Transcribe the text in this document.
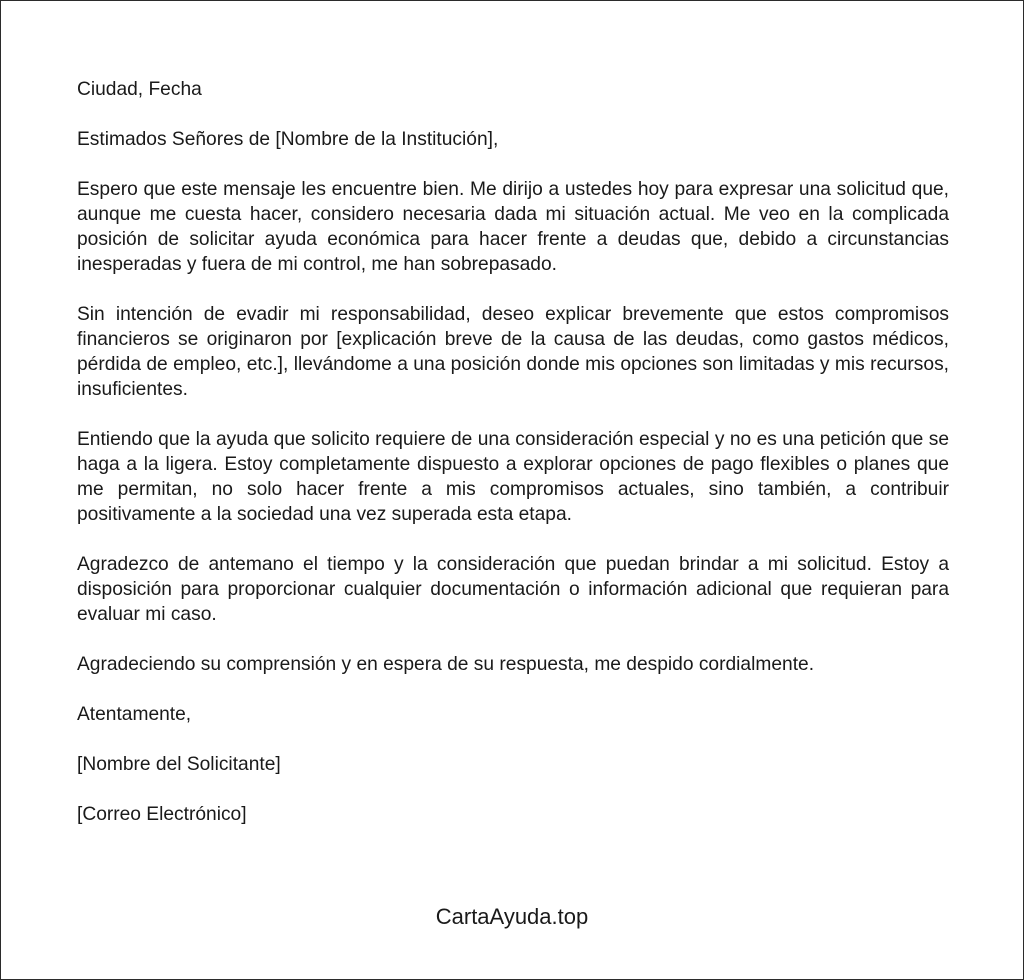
Ciudad, Fecha

Estimados Señores de [Nombre de la Institución],

Espero que este mensaje les encuentre bien. Me dirijo a ustedes hoy para expresar una solicitud que, aunque me cuesta hacer, considero necesaria dada mi situación actual. Me veo en la complicada posición de solicitar ayuda económica para hacer frente a deudas que, debido a circunstancias inesperadas y fuera de mi control, me han sobrepasado.

Sin intención de evadir mi responsabilidad, deseo explicar brevemente que estos compromisos financieros se originaron por [explicación breve de la causa de las deudas, como gastos médicos, pérdida de empleo, etc.], llevándome a una posición donde mis opciones son limitadas y mis recursos, insuficientes.

Entiendo que la ayuda que solicito requiere de una consideración especial y no es una petición que se haga a la ligera. Estoy completamente dispuesto a explorar opciones de pago flexibles o planes que me permitan, no solo hacer frente a mis compromisos actuales, sino también, a contribuir positivamente a la sociedad una vez superada esta etapa.

Agradezco de antemano el tiempo y la consideración que puedan brindar a mi solicitud. Estoy a disposición para proporcionar cualquier documentación o información adicional que requieran para evaluar mi caso.

Agradeciendo su comprensión y en espera de su respuesta, me despido cordialmente.

Atentamente,

[Nombre del Solicitante]

[Correo Electrónico]

CartaAyuda.top
